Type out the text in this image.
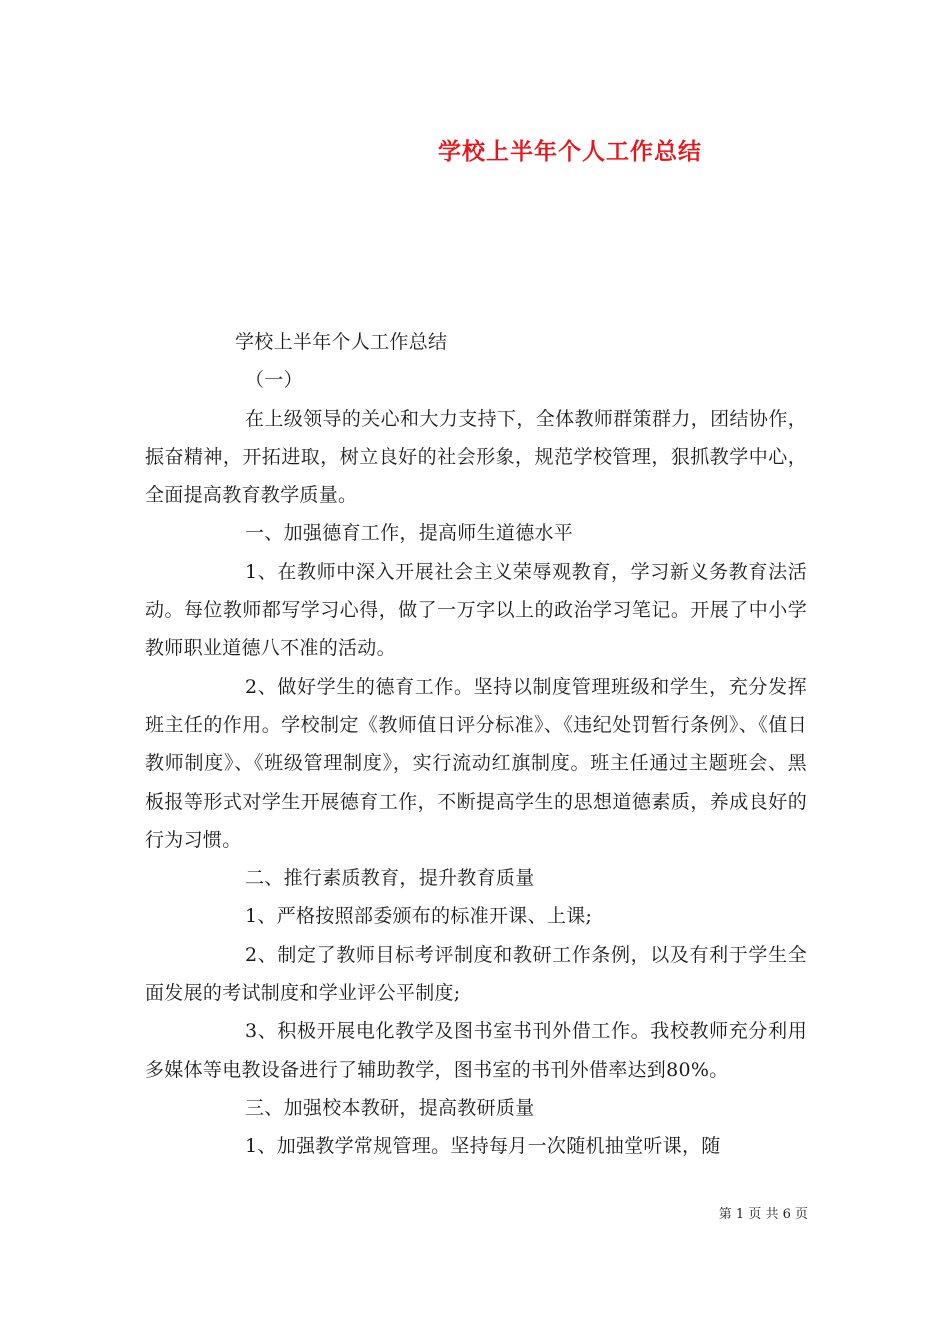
学校上半年个人工作总结

学校上半年个人工作总结

（一）

在上级领导的关心和大力支持下，全体教师群策群力，团结协作，振奋精神，开拓进取，树立良好的社会形象，规范学校管理，狠抓教学中心，全面提高教育教学质量。

一、加强德育工作，提高师生道德水平

1、在教师中深入开展社会主义荣辱观教育，学习新义务教育法活动。每位教师都写学习心得，做了一万字以上的政治学习笔记。开展了中小学教师职业道德八不准的活动。

2、做好学生的德育工作。坚持以制度管理班级和学生，充分发挥班主任的作用。学校制定《教师值日评分标准》、《违纪处罚暂行条例》、《值日教师制度》、《班级管理制度》，实行流动红旗制度。班主任通过主题班会、黑板报等形式对学生开展德育工作，不断提高学生的思想道德素质，养成良好的行为习惯。

二、推行素质教育，提升教育质量

1、严格按照部委颁布的标准开课、上课;

2、制定了教师目标考评制度和教研工作条例，以及有利于学生全面发展的考试制度和学业评公平制度;

3、积极开展电化教学及图书室书刊外借工作。我校教师充分利用多媒体等电教设备进行了辅助教学，图书室的书刊外借率达到80%。

三、加强校本教研，提高教研质量

1、加强教学常规管理。坚持每月一次随机抽堂听课，随

第 1 页 共 6 页
